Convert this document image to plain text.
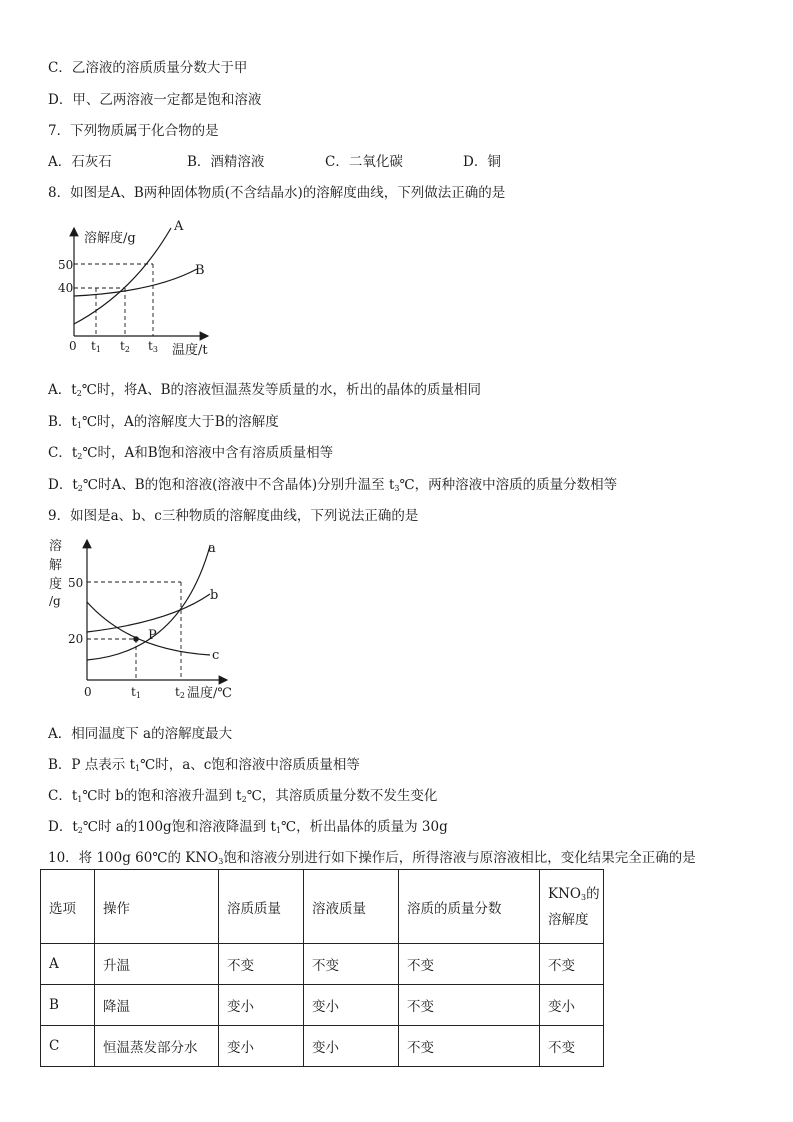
C．乙溶液的溶质质量分数大于甲
D．甲、乙两溶液一定都是饱和溶液
7．下列物质属于化合物的是
A．石灰石	B．酒精溶液	C．二氧化碳	D．铜
8．如图是A、B两种固体物质(不含结晶水)的溶解度曲线，下列做法正确的是
溶解度/g
温度/t
0
50
40
t1 t2 t3
A
B
A．$t_2℃$时，将A、B的溶液恒温蒸发等质量的水，析出的晶体的质量相同
B．$t_1℃$时，A的溶解度大于B的溶解度
C．$t_2℃$时，A和B饱和溶液中含有溶质质量相等
D．$t_2℃$时A、B的饱和溶液(溶液中不含晶体)分别升温至 $t_3℃$，两种溶液中溶质的质量分数相等
9．如图是a、b、c三种物质的溶解度曲线，下列说法正确的是
溶
解
度
/g
温度/℃
0
50
20
t1	t2
a
b
c
P
A．相同温度下 a的溶解度最大
B．P 点表示 $t_1℃$时，a、c饱和溶液中溶质质量相等
C．$t_1℃$时 b的饱和溶液升温到 $t_2℃$，其溶质质量分数不发生变化
D．$t_2℃$时 a的100g饱和溶液降温到 $t_1℃$，析出晶体的质量为 30g
10．将 100g 60℃的 $KNO_3$饱和溶液分别进行如下操作后，所得溶液与原溶液相比，变化结果完全正确的是
选项	操作	溶质质量	溶液质量	溶质的质量分数	$KNO_3$的
溶解度
A	升温	不变	不变	不变	不变
B	降温	变小	变小	不变	变小
C	恒温蒸发部分水	变小	变小	不变	不变
